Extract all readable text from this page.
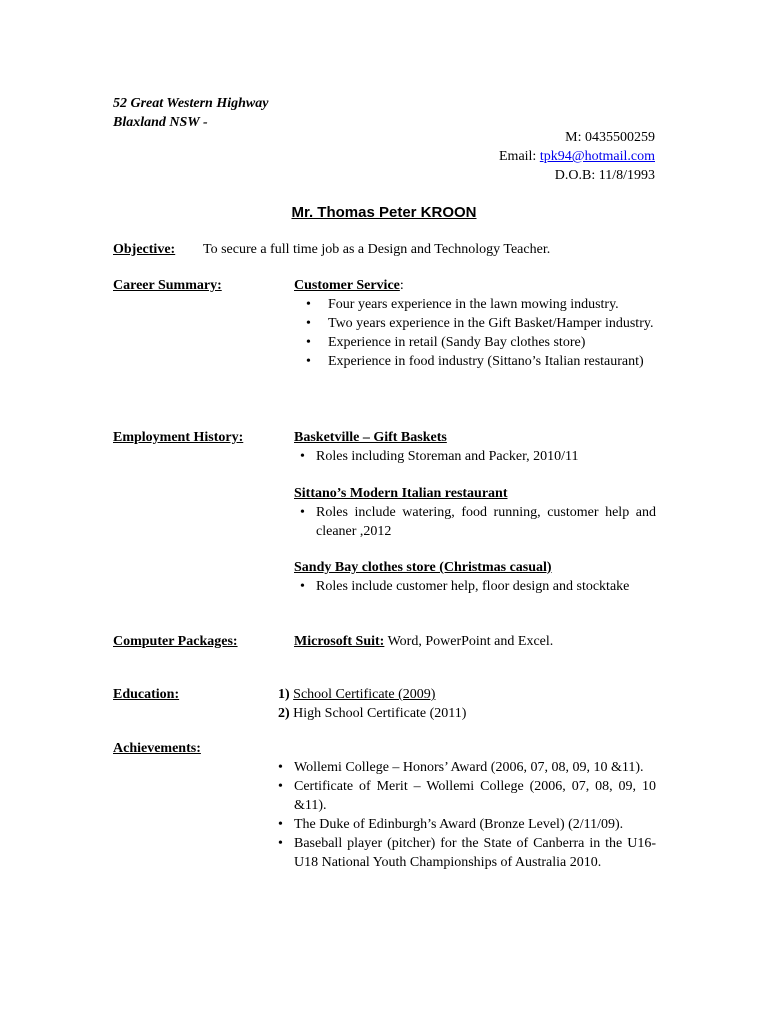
52 Great Western Highway
Blaxland NSW -
M: 0435500259
Email: tpk94@hotmail.com
D.O.B: 11/8/1993
Mr. Thomas Peter KROON
Objective: To secure a full time job as a Design and Technology Teacher.
Career Summary:	Customer Service:
• Four years experience in the lawn mowing industry.
• Two years experience in the Gift Basket/Hamper industry.
• Experience in retail (Sandy Bay clothes store)
• Experience in food industry (Sittano’s Italian restaurant)
Employment History:	Basketville – Gift Baskets
• Roles including Storeman and Packer, 2010/11
Sittano’s Modern Italian restaurant
• Roles include watering, food running, customer help and cleaner ,2012
Sandy Bay clothes store (Christmas casual)
• Roles include customer help, floor design and stocktake
Computer Packages:	Microsoft Suit: Word, PowerPoint and Excel.
Education:	1) School Certificate (2009)
2) High School Certificate (2011)
Achievements:
• Wollemi College – Honors’ Award (2006, 07, 08, 09, 10 &11).
• Certificate of Merit – Wollemi College (2006, 07, 08, 09, 10 &11).
• The Duke of Edinburgh’s Award (Bronze Level) (2/11/09).
• Baseball player (pitcher) for the State of Canberra in the U16-U18 National Youth Championships of Australia 2010.
